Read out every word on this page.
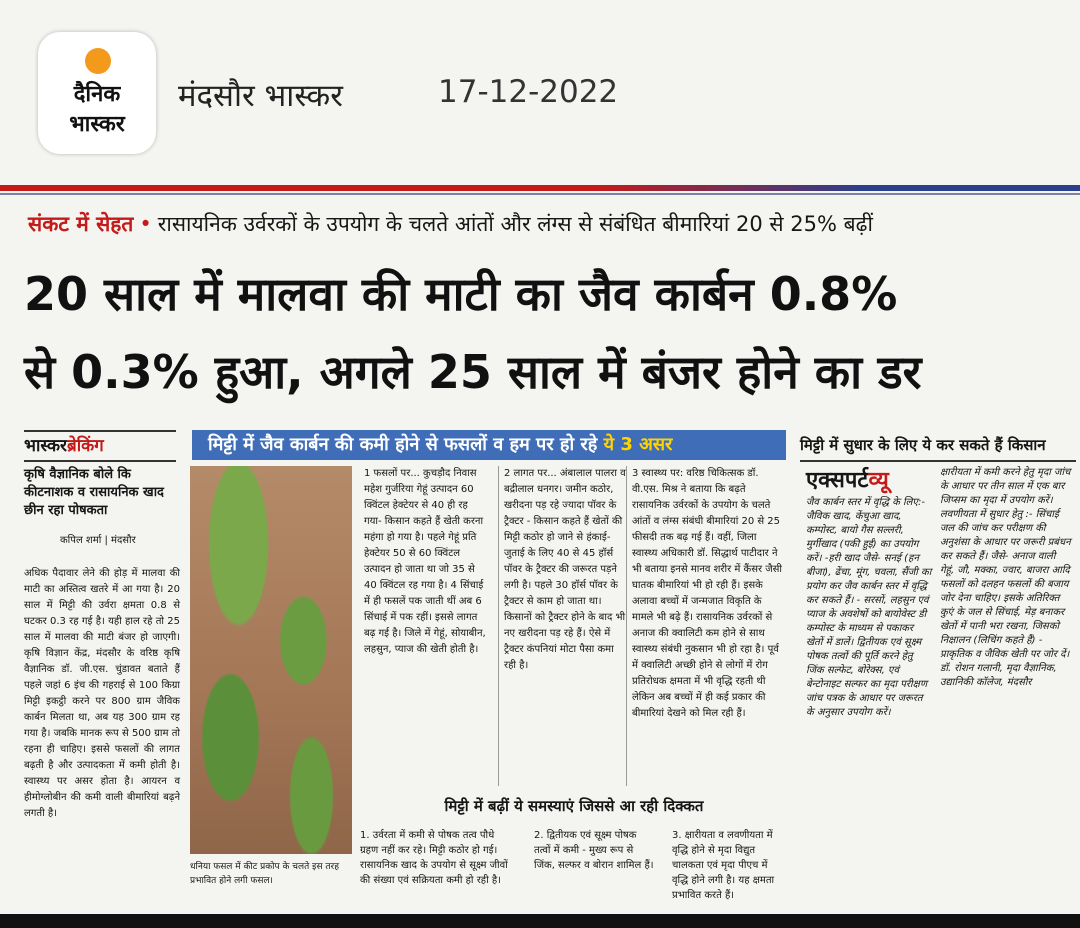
दैनिक
भास्कर
मंदसौर भास्कर	17-12-2022
संकट में सेहत • रासायनिक उर्वरकों के उपयोग के चलते आंतों और लंग्स से संबंधित बीमारियां 20 से 25% बढ़ीं
20 साल में मालवा की माटी का जैव कार्बन 0.8%
से 0.3% हुआ, अगले 25 साल में बंजर होने का डर
भास्करब्रेकिंग	मिट्टी में जैव कार्बन की कमी होने से फसलों व हम पर हो रहे ये 3 असर	मिट्टी में सुधार के लिए ये कर सकते हैं किसान
कृषि वैज्ञानिक बोले कि कीटनाशक व रासायनिक खाद छीन रहा पोषकता
कपिल शर्मा | मंदसौर
अधिक पैदावार लेने की होड़ में मालवा की माटी का अस्तित्व खतरे में आ गया है। 20 साल में मिट्टी की उर्वरा क्षमता 0.8 से घटकर 0.3 रह गई है। यही हाल रहे तो 25 साल में मालवा की माटी बंजर हो जाएगी। कृषि विज्ञान केंद्र, मंदसौर के वरिष्ठ कृषि वैज्ञानिक डॉ. जी.एस. चुंडावत बताते हैं पहले जहां 6 इंच की गहराई से 100 किग्रा मिट्टी इकट्ठी करने पर 800 ग्राम जैविक कार्बन मिलता था, अब यह 300 ग्राम रह गया है। जबकि मानक रूप से 500 ग्राम तो रहना ही चाहिए। इससे फसलों की लागत बढ़ती है और उत्पादकता में कमी होती है। स्वास्थ्य पर असर होता है। आयरन व हीमोग्लोबीन की कमी वाली बीमारियां बढ़ने लगती है।
धनिया फसल में कीट प्रकोप के चलते इस तरह प्रभावित होने लगी फसल।
1 फसलों पर... कुचड़ौद निवास महेश गुर्जरिया गेहूं उत्पादन 60 क्विंटल हेक्टेयर से 40 ही रह गया- किसान कहते हैं खेती करना महंगा हो गया है। पहले गेहूं प्रति हेक्टेयर 50 से 60 क्विंटल उत्पादन हो जाता था जो 35 से 40 क्विंटल रह गया है। 4 सिंचाई में ही फसलें पक जाती थीं अब 6 सिंचाई में पक रहीं। इससे लागत बढ़ गई है। जिले में गेहूं, सोयाबीन, लहसुन, प्याज की खेती होती है।
2 लागत पर... अंबालाल पालरा व बद्रीलाल धनगर। जमीन कठोर, खरीदना पड़ रहे ज्यादा पॉवर के ट्रैक्टर - किसान कहते हैं खेतों की मिट्टी कठोर हो जाने से हंकाई-जुताई के लिए 40 से 45 हॉर्स पॉवर के ट्रैक्टर की जरूरत पड़ने लगी है। पहले 30 हॉर्स पॉवर के ट्रैक्टर से काम हो जाता था। किसानों को ट्रैक्टर होने के बाद भी नए खरीदना पड़ रहे हैं। ऐसे में ट्रैक्टर कंपनियां मोटा पैसा कमा रही है।
3 स्वास्थ्य पर: वरिष्ठ चिकित्सक डॉ. वी.एस. मिश्र ने बताया कि बढ़ते रासायनिक उर्वरकों के उपयोग के चलते आंतों व लंग्स संबंधी बीमारियां 20 से 25 फीसदी तक बढ़ गई हैं। वहीं, जिला स्वास्थ्य अधिकारी डॉ. सिद्धार्थ पाटीदार ने भी बताया इनसे मानव शरीर में कैंसर जैसी घातक बीमारियां भी हो रही हैं। इसके अलावा बच्चों में जन्मजात विकृति के मामले भी बढ़े हैं। रासायनिक उर्वरकों से अनाज की क्वालिटी कम होने से साथ स्वास्थ्य संबंधी नुकसान भी हो रहा है। पूर्व में क्वालिटी अच्छी होने से लोगों में रोग प्रतिरोधक क्षमता में भी वृद्धि रहती थी लेकिन अब बच्चों में ही कई प्रकार की बीमारियां देखने को मिल रही हैं।
मिट्टी में बढ़ीं ये समस्याएं जिससे आ रही दिक्कत
1. उर्वरता में कमी से पोषक तत्व पौधे ग्रहण नहीं कर रहे। मिट्टी कठोर हो गई। रासायनिक खाद के उपयोग से सूक्ष्म जीवों की संख्या एवं सक्रियता कमी हो रही है।
2. द्वितीयक एवं सूक्ष्म पोषक तत्वों में कमी - मुख्य रूप से जिंक, सल्फर व बोरान शामिल हैं।
3. क्षारीयता व लवणीयता में वृद्धि होने से मृदा विद्युत चालकता एवं मृदा पीएच में वृद्धि होने लगी है। यह क्षमता प्रभावित करते हैं।
एक्सपर्टव्यू
जैव कार्बन स्तर में वृद्धि के लिए:- जैविक खाद, केंचुआ खाद, कम्पोस्ट, बायो गैस सल्लरी, मुर्गीखाद (पकी हुई) का उपयोग करें। -हरी खाद जैसे- सनई (हन बीजा), ढेंचा, मूंग, चवला, सैंजी का प्रयोग कर जैव कार्बन स्तर में वृद्धि कर सकते हैं। - सरसों, लहसुन एवं प्याज के अवशेषों को बायोवेस्ट डी कम्पोस्ट के माध्यम से पकाकर खेतों में डालें। द्वितीयक एवं सूक्ष्म पोषक तत्वों की पूर्ति करने हेतु जिंक सल्फेट, बोरेक्स, एवं बेन्टोनाइट सल्फर का मृदा परीक्षण जांच पत्रक के आधार पर जरूरत के अनुसार उपयोग करें।
क्षारीयता में कमी करने हेतु मृदा जांच के आधार पर तीन साल में एक बार जिप्सम का मृदा में उपयोग करें। लवणीयता में सुधार हेतु :- सिंचाई जल की जांच कर परीक्षण की अनुशंसा के आधार पर जरूरी प्रबंधन कर सकते हैं। जैसे- अनाज वाली गेहूं, जौ, मक्का, ज्वार, बाजरा आदि फसलों को दलहन फसलों की बजाय जोर देना चाहिए। इसके अतिरिक्त कुएं के जल से सिंचाई, मेड़ बनाकर खेतों में पानी भरा रखना, जिसको निक्षालन (लिचिंग कहते हैं) - प्राकृतिक व जैविक खेती पर जोर दें। डॉ. रोशन गलानी, मृदा वैज्ञानिक, उद्यानिकी कॉलेज, मंदसौर
